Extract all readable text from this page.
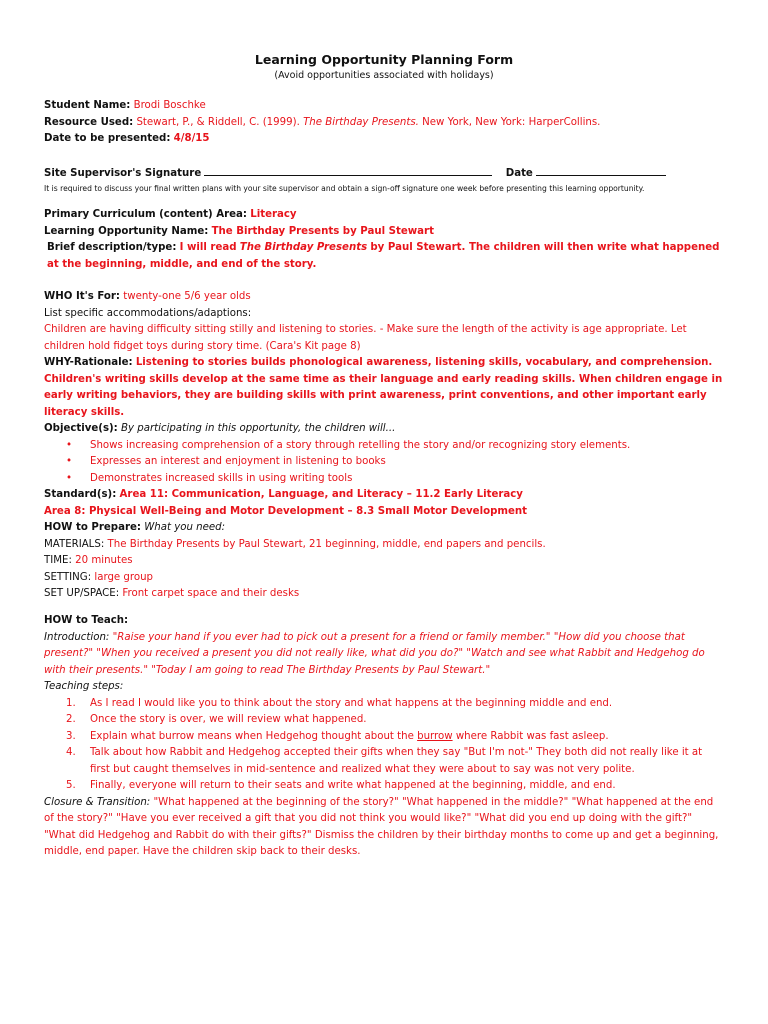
Learning Opportunity Planning Form
(Avoid opportunities associated with holidays)
Student Name: Brodi Boschke
Resource Used: Stewart, P., & Riddell, C. (1999). The Birthday Presents. New York, New York: HarperCollins.
Date to be presented: 4/8/15
Site Supervisor's Signature	Date
It is required to discuss your final written plans with your site supervisor and obtain a sign-off signature one week before presenting this learning opportunity.
Primary Curriculum (content) Area: Literacy
Learning Opportunity Name: The Birthday Presents by Paul Stewart
Brief description/type: I will read The Birthday Presents by Paul Stewart. The children will then write what happened at the beginning, middle, and end of the story.
WHO It's For: twenty-one 5/6 year olds
List specific accommodations/adaptions:
Children are having difficulty sitting stilly and listening to stories. - Make sure the length of the activity is age appropriate. Let children hold fidget toys during story time. (Cara's Kit page 8)
WHY-Rationale: Listening to stories builds phonological awareness, listening skills, vocabulary, and comprehension.
Children's writing skills develop at the same time as their language and early reading skills. When children engage in early writing behaviors, they are building skills with print awareness, print conventions, and other important early literacy skills.
Objective(s): By participating in this opportunity, the children will...
• Shows increasing comprehension of a story through retelling the story and/or recognizing story elements.
• Expresses an interest and enjoyment in listening to books
• Demonstrates increased skills in using writing tools
Standard(s): Area 11: Communication, Language, and Literacy – 11.2 Early Literacy
Area 8: Physical Well-Being and Motor Development – 8.3 Small Motor Development
HOW to Prepare: What you need:
MATERIALS: The Birthday Presents by Paul Stewart, 21 beginning, middle, end papers and pencils.
TIME: 20 minutes
SETTING: large group
SET UP/SPACE: Front carpet space and their desks
HOW to Teach:
Introduction: "Raise your hand if you ever had to pick out a present for a friend or family member." "How did you choose that present?" "When you received a present you did not really like, what did you do?" "Watch and see what Rabbit and Hedgehog do with their presents." "Today I am going to read The Birthday Presents by Paul Stewart."
Teaching steps:
1. As I read I would like you to think about the story and what happens at the beginning middle and end.
2. Once the story is over, we will review what happened.
3. Explain what burrow means when Hedgehog thought about the burrow where Rabbit was fast asleep.
4. Talk about how Rabbit and Hedgehog accepted their gifts when they say "But I'm not-" They both did not really like it at first but caught themselves in mid-sentence and realized what they were about to say was not very polite.
5. Finally, everyone will return to their seats and write what happened at the beginning, middle, and end.
Closure & Transition: "What happened at the beginning of the story?" "What happened in the middle?" "What happened at the end of the story?" "Have you ever received a gift that you did not think you would like?" "What did you end up doing with the gift?" "What did Hedgehog and Rabbit do with their gifts?" Dismiss the children by their birthday months to come up and get a beginning, middle, end paper. Have the children skip back to their desks.
